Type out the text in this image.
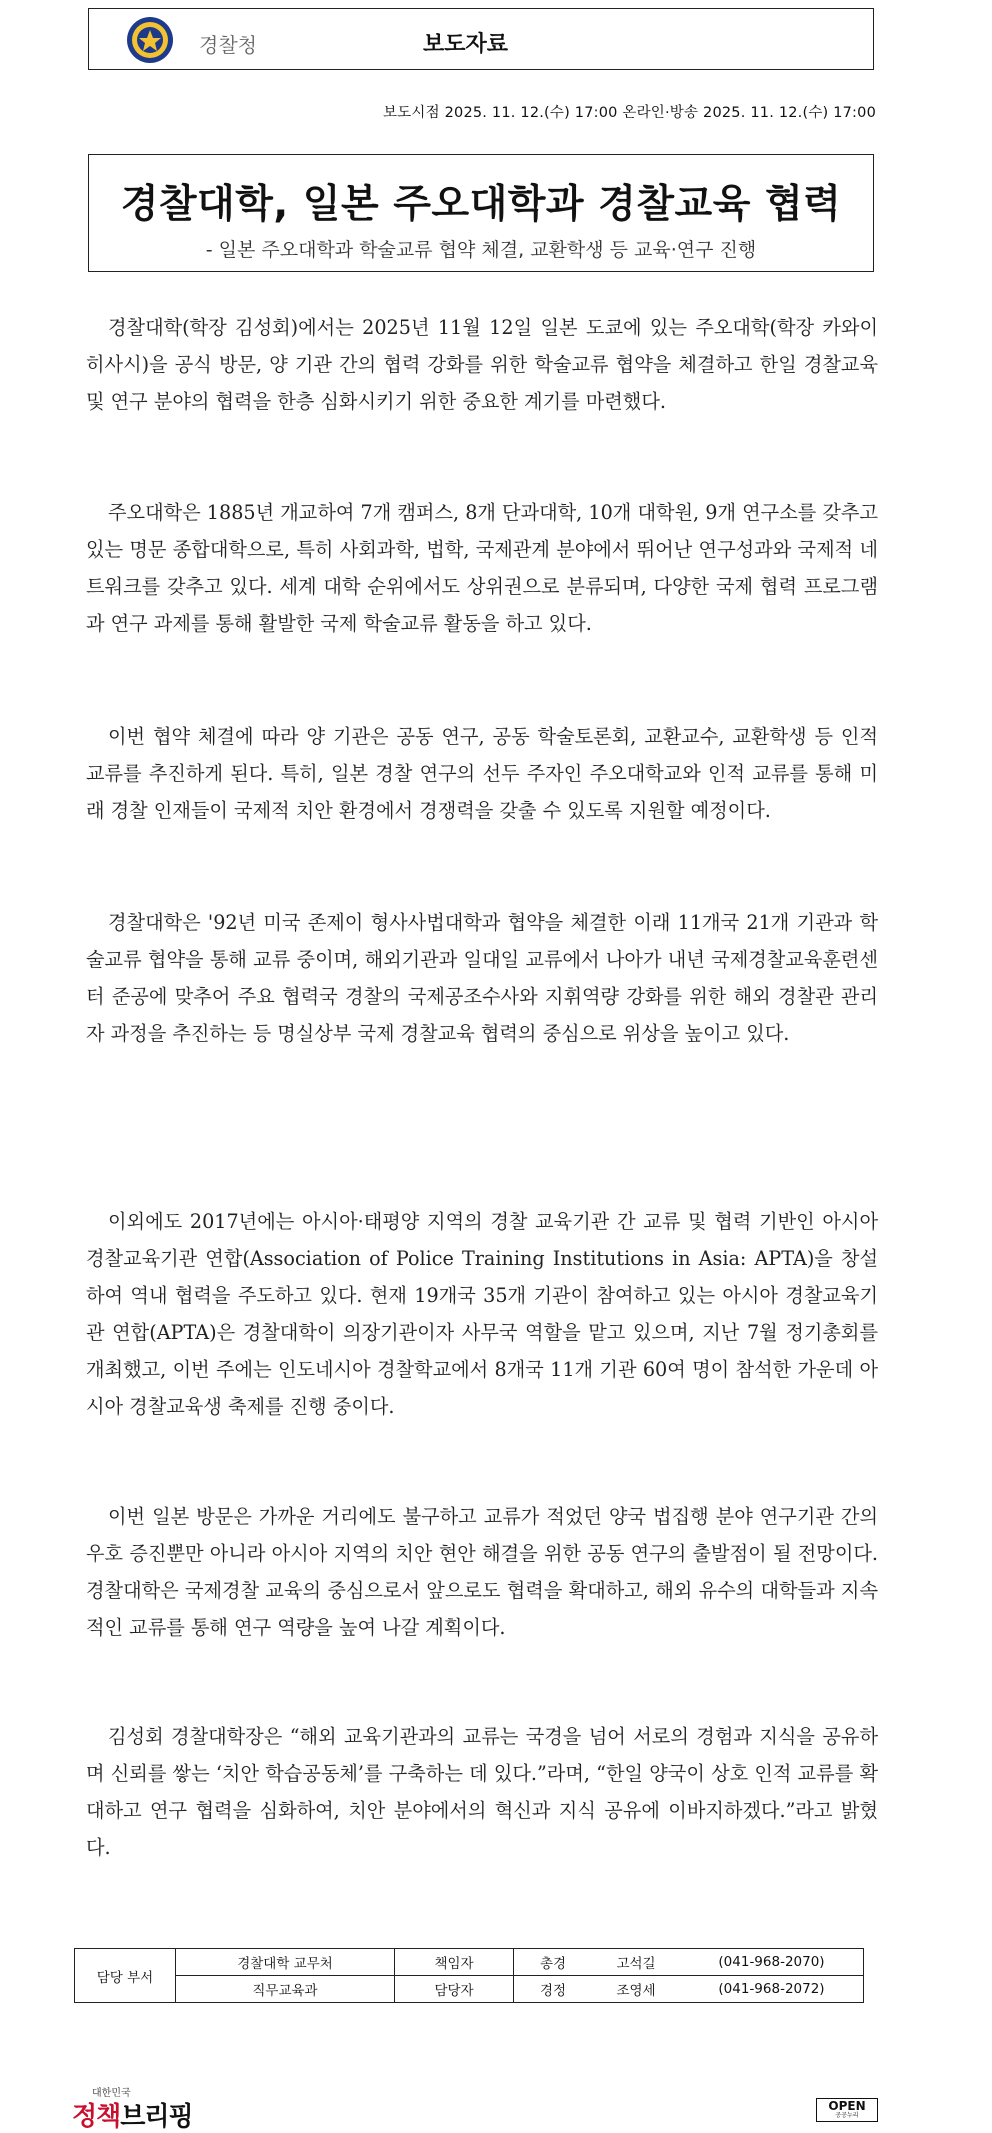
경찰청	보도자료
보도시점 2025. 11. 12.(수) 17:00 온라인·방송 2025. 11. 12.(수) 17:00
경찰대학, 일본 주오대학과 경찰교육 협력
- 일본 주오대학과 학술교류 협약 체결, 교환학생 등 교육·연구 진행

경찰대학(학장 김성회)에서는 2025년 11월 12일 일본 도쿄에 있는 주오대학(학장 카와이 히사시)을 공식 방문, 양 기관 간의 협력 강화를 위한 학술교류 협약을 체결하고 한일 경찰교육 및 연구 분야의 협력을 한층 심화시키기 위한 중요한 계기를 마련했다.

주오대학은 1885년 개교하여 7개 캠퍼스, 8개 단과대학, 10개 대학원, 9개 연구소를 갖추고 있는 명문 종합대학으로, 특히 사회과학, 법학, 국제관계 분야에서 뛰어난 연구성과와 국제적 네트워크를 갖추고 있다. 세계 대학 순위에서도 상위권으로 분류되며, 다양한 국제 협력 프로그램과 연구 과제를 통해 활발한 국제 학술교류 활동을 하고 있다.

이번 협약 체결에 따라 양 기관은 공동 연구, 공동 학술토론회, 교환교수, 교환학생 등 인적 교류를 추진하게 된다. 특히, 일본 경찰 연구의 선두 주자인 주오대학교와 인적 교류를 통해 미래 경찰 인재들이 국제적 치안 환경에서 경쟁력을 갖출 수 있도록 지원할 예정이다.

경찰대학은 '92년 미국 존제이 형사사법대학과 협약을 체결한 이래 11개국 21개 기관과 학술교류 협약을 통해 교류 중이며, 해외기관과 일대일 교류에서 나아가 내년 국제경찰교육훈련센터 준공에 맞추어 주요 협력국 경찰의 국제공조수사와 지휘역량 강화를 위한 해외 경찰관 관리자 과정을 추진하는 등 명실상부 국제 경찰교육 협력의 중심으로 위상을 높이고 있다.

이외에도 2017년에는 아시아·태평양 지역의 경찰 교육기관 간 교류 및 협력 기반인 아시아 경찰교육기관 연합(Association of Police Training Institutions in Asia: APTA)을 창설하여 역내 협력을 주도하고 있다. 현재 19개국 35개 기관이 참여하고 있는 아시아 경찰교육기관 연합(APTA)은 경찰대학이 의장기관이자 사무국 역할을 맡고 있으며, 지난 7월 정기총회를 개최했고, 이번 주에는 인도네시아 경찰학교에서 8개국 11개 기관 60여 명이 참석한 가운데 아시아 경찰교육생 축제를 진행 중이다.

이번 일본 방문은 가까운 거리에도 불구하고 교류가 적었던 양국 법집행 분야 연구기관 간의 우호 증진뿐만 아니라 아시아 지역의 치안 현안 해결을 위한 공동 연구의 출발점이 될 전망이다. 경찰대학은 국제경찰 교육의 중심으로서 앞으로도 협력을 확대하고, 해외 유수의 대학들과 지속적인 교류를 통해 연구 역량을 높여 나갈 계획이다.

김성회 경찰대학장은 “해외 교육기관과의 교류는 국경을 넘어 서로의 경험과 지식을 공유하며 신뢰를 쌓는 ‘치안 학습공동체’를 구축하는 데 있다.”라며, “한일 양국이 상호 인적 교류를 확대하고 연구 협력을 심화하여, 치안 분야에서의 혁신과 지식 공유에 이바지하겠다.”라고 밝혔다.

담당 부서	경찰대학 교무처	책임자	총경	고석길	(041-968-2070)
	직무교육과	담당자	경정	조영세	(041-968-2072)
대한민국
정책브리핑	OPEN
공공누리
